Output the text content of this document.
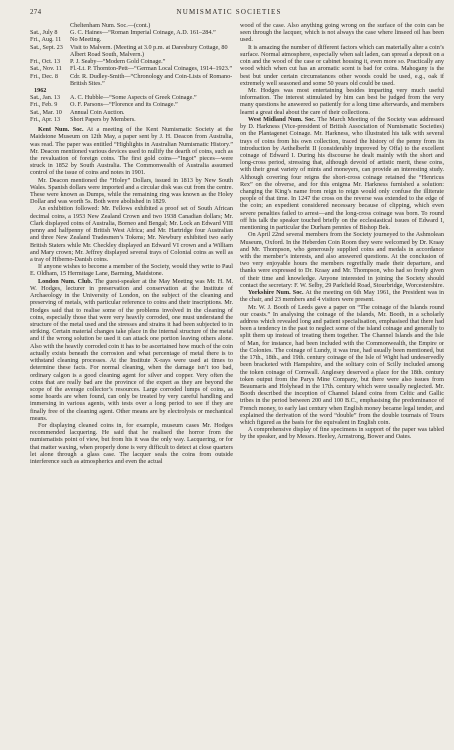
274	NUMISMATIC SOCIETIES
Cheltenham Num. Soc.—(cont.)
Sat., July 8	G. C. Haines—“Roman Imperial Coinage, A.D. 161–284.”
Fri., Aug. 11	No Meeting.
Sat., Sept. 23	Visit to Malvern. (Meeting at 3.0 p.m. at Daresbury Cottage, 80 Albert Road South, Malvern.)
Fri., Oct. 13	P. J. Seaby—“Modern Gold Coinage.”
Sat., Nov. 11	Fl.-Lt. P. Thornton-Pett—“German Local Coinages, 1914–1923.”
Fri., Dec. 8	Cdr. R. Dudley-Smith—“Chronology and Coin-Lists of Romano-British Sites.”
1962
Sat., Jan. 13	A. C. Hubble—“Some Aspects of Greek Coinage.”
Fri., Feb. 9	O. F. Parsons—“Florence and its Coinage.”
Sat., Mar. 10	Annual Coin Auction.
Fri., Apr. 13	Short Papers by Members.

Kent Num. Soc. At a meeting of the Kent Numismatic Society at the Maidstone Museum on 12th May, a paper sent by J. H. Deacon from Australia, was read. The paper was entitled “Highlights in Australian Numismatic History.” Mr. Deacon mentioned various devices used to nullify the dearth of coins, such as the revaluation of foreign coins. The first gold coins—“Ingot” pieces—were struck in 1852 by South Australia. The Commonwealth of Australia assumed control of the issue of coins and notes in 1901.

Mr. Deacon mentioned the “Holey” Dollars, issued in 1813 by New South Wales. Spanish dollars were imported and a circular disk was cut from the centre. These were known as Dumps, while the remaining ring was known as the Holey Dollar and was worth 5s. Both were abolished in 1829.

An exhibition followed: Mr. Fellows exhibited a proof set of South African decimal coins, a 1953 New Zealand Crown and two 1938 Canadian dollars; Mr. Clark displayed coins of Australia, Borneo and Bengal; Mr. Lock an Edward VIII penny and halfpenny of British West Africa; and Mr. Hartridge four Australian and three New Zealand Tradesmen’s Tokens; Mr. Newbury exhibited two early British Staters while Mr. Checkley displayed an Edward VI crown and a William and Mary crown; Mr. Jeffrey displayed several trays of Colonial coins as well as a tray of Hiberno-Danish coins.

If anyone wishes to become a member of the Society, would they write to Paul E. Oldham, 15 Hermitage Lane, Barming, Maidstone.

London Num. Club. The guest-speaker at the May Meeting was Mr. H. M. W. Hodges, lecturer in preservation and conservation at the Institute of Archaeology in the University of London, on the subject of the cleaning and preserving of metals, with particular reference to coins and their inscriptions. Mr. Hodges said that to realise some of the problems involved in the cleaning of coins, especially those that were very heavily corroded, one must understand the structure of the metal used and the stresses and strains it had been subjected to in striking. Certain material changes take place in the internal structure of the metal and if the wrong solution be used it can attack one portion leaving others alone. Also with the heavily corroded coin it has to be ascertained how much of the coin actually exists beneath the corrosion and what percentage of metal there is to withstand cleaning processes. At the Institute X-rays were used at times to determine these facts. For normal cleaning, when the damage isn’t too bad, ordinary calgon is a good cleaning agent for silver and copper. Very often the coins that are really bad are the province of the expert as they are beyond the scope of the average collector’s resources. Large corroded lumps of coins, as some hoards are when found, can only be treated by very careful handling and immersing in various agents, with tests over a long period to see if they are finally free of the cleaning agent. Other means are by electrolysis or mechanical means.

For displaying cleaned coins in, for example, museum cases Mr. Hodges recommended lacquering. He said that he realised the horror from the numismatists point of view, but from his it was the only way. Lacquering, or for that matter waxing, when properly done is very difficult to detect at close quarters let alone through a glass case. The lacquer seals the coins from outside interference such as atmospherics and even the actual

wood of the case. Also anything going wrong on the surface of the coin can be seen through the lacquer, which is not always the case where linseed oil has been used.

It is amazing the number of different factors which can materially alter a coin’s surface. Normal atmosphere, especially when salt laden, can spread a deposit on a coin and the wood of the case or cabinet housing it, even more so. Practically any wood which when cut has an aromatic scent is bad for coins. Mahogany is the best but under certain circumstances other woods could be used, e.g., oak if extremely well seasoned and some 50 years old could be used.

Mr. Hodges was most entertaining besides imparting very much useful information. The interest stimulated by him can best be judged from the very many questions he answered so patiently for a long time afterwards, and members learnt a great deal about the care of their collections.

West Midland Num. Soc. The March Meeting of the Society was addressed by D. Harkness (Vice-president of British Association of Numismatic Societies) on the Plantagenet Coinage. Mr. Harkness, who illustrated his talk with several trays of coins from his own collection, traced the history of the penny from its introduction by Aethelberht II (considerably improved by Offa) to the excellent coinage of Edward I. During his discourse he dealt mainly with the short and long-cross period, stressing that, although devoid of artistic merit, these coins, with their great variety of mints and moneyers, can provide an interesting study. Although covering four reigns the short-cross coinage retained the “Henricus Rex” on the obverse, and for this enigma Mr. Harkness furnished a solution: changing the King’s name from reign to reign would only confuse the illiterate people of that time. In 1247 the cross on the reverse was extended to the edge of the coin; an expedient considered necessary because of clipping, which even severe penalties failed to arrest—and the long-cross coinage was born. To round off his talk the speaker touched briefly on the ecclesiastical issues of Edward I, mentioning in particular the Durham pennies of Bishop Bek.

On April 22nd several members from the Society journeyed to the Ashmolean Museum, Oxford. In the Heberden Coin Room they were welcomed by Dr. Kraay and Mr. Thompson, who generously supplied coins and medals in accordance with the member’s interests, and also answered questions. At the conclusion of two very enjoyable hours the members regretfully made their departure, and thanks were expressed to Dr. Kraay and Mr. Thompson, who had so freely given of their time and knowledge. Anyone interested in joining the Society should contact the secretary: F. W. Selby, 29 Parkfield Road, Stourbridge, Worcestershire.

Yorkshire Num. Soc. At the meeting on 6th May 1961, the President was in the chair, and 23 members and 4 visitors were present.

Mr. W. J. Booth of Leeds gave a paper on “The coinage of the Islands round our coasts.” In analysing the coinage of the islands, Mr. Booth, in a scholarly address which revealed long and patient specialisation, emphasised that there had been a tendency in the past to neglect some of the island coinage and generally to split them up instead of treating them together. The Channel Islands and the Isle of Man, for instance, had been included with the Commonwealth, the Empire or the Colonies. The coinage of Lundy, it was true, had usually been mentioned, but the 17th., 18th., and 19th. century coinage of the Isle of Wight had undeservedly been bracketed with Hampshire, and the solitary coin of Scilly included among the token coinage of Cornwall. Anglesey deserved a place for the 18th. century token output from the Parys Mine Company, but there were also issues from Beaumaris and Holyhead in the 17th. century which were usually neglected. Mr. Booth described the inception of Channel Island coins from Celtic and Gallic tribes in the period between 200 and 100 B.C., emphasising the predominance of French money, to early last century when English money became legal tender, and explained the derivation of the word “double” from the double tournais of Tours which figured as the basis for the equivalent in English coin.

A comprehensive display of fine specimens in support of the paper was tabled by the speaker, and by Messrs. Heeley, Armstrong, Bower and Oates.
